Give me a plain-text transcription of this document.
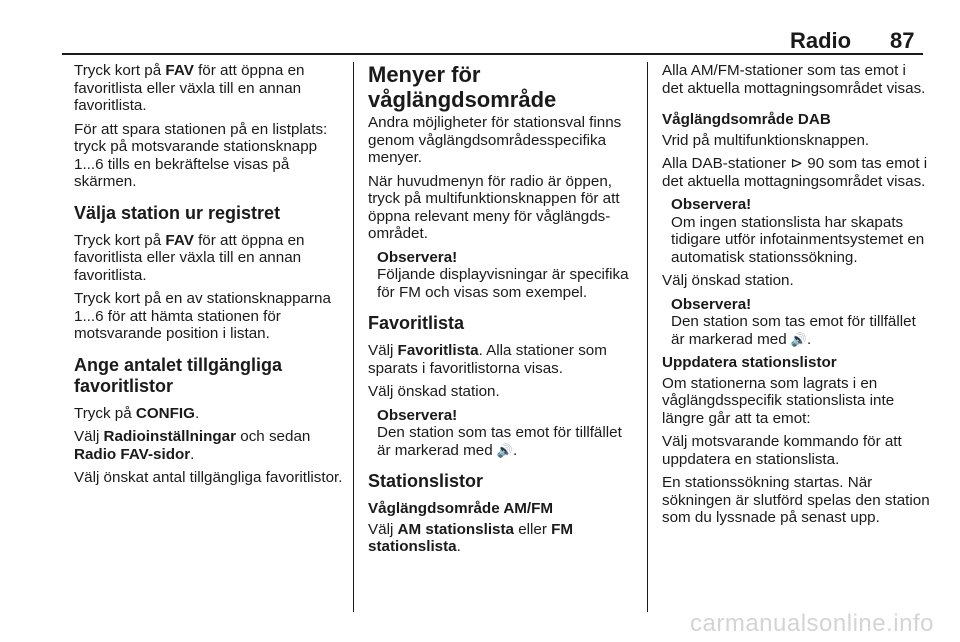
Radio 87

Tryck kort på FAV för att öppna en favoritlista eller växla till en annan favoritlista.

För att spara stationen på en listplats: tryck på motsvarande stationsknapp 1...6 tills en bekräftelse visas på skärmen.

Välja station ur registret

Tryck kort på FAV för att öppna en favoritlista eller växla till en annan favoritlista.

Tryck kort på en av stationsknapparna 1...6 för att hämta stationen för motsvarande position i listan.

Ange antalet tillgängliga favoritlistor

Tryck på CONFIG.

Välj Radioinställningar och sedan Radio FAV-sidor.

Välj önskat antal tillgängliga favoritlistor.

Menyer för våglängdsområde

Andra möjligheter för stationsval finns genom våglängdsområdesspecifika menyer.

När huvudmenyn för radio är öppen, tryck på multifunktionsknappen för att öppna relevant meny för våglängdsområdet.

Observera!
Följande displayvisningar är specifika för FM och visas som exempel.
Favoritlista

Välj Favoritlista. Alla stationer som sparats i favoritlistorna visas.

Välj önskad station.

Observera!
Den station som tas emot för tillfället är markerad med 🔊.
Stationslistor
Våglängdsområde AM/FM

Välj AM stationslista eller FM stationslista.

Alla AM/FM-stationer som tas emot i det aktuella mottagningsområdet visas.

Våglängdsområde DAB

Vrid på multifunktionsknappen.

Alla DAB-stationer ⊳ 90 som tas emot i det aktuella mottagningsområdet visas.

Observera!
Om ingen stationslista har skapats tidigare utför infotainmentsystemet en automatisk stationssökning.

Välj önskad station.

Observera!
Den station som tas emot för tillfället är markerad med 🔊.
Uppdatera stationslistor

Om stationerna som lagrats i en våglängdsspecifik stationslista inte längre går att ta emot:

Välj motsvarande kommando för att uppdatera en stationslista.

En stationssökning startas. När sökningen är slutförd spelas den station som du lyssnade på senast upp.

carmanualsonline.info
